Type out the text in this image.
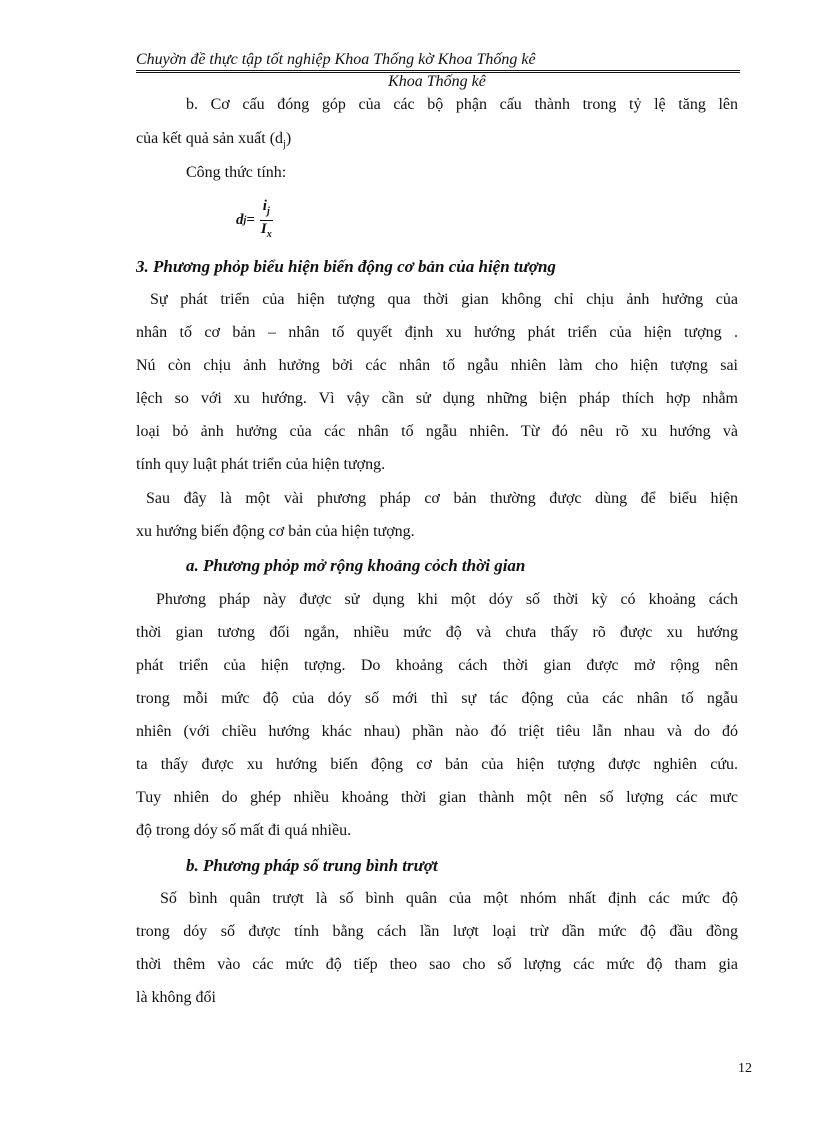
Chuyờn đề thực tập tốt nghiệp Khoa Thống kờ Khoa Thống kê
Khoa Thống kê
b. Cơ cấu đóng góp của các bộ phận cấu thành trong tỷ lệ tăng lên
của kết quả sản xuất $(d_j)$
Công thức tính:
d $j = \frac{i_j}{I_x}$
3. Phương phỏp biểu hiện biến động cơ bản của hiện tượng
Sự phát triển của hiện tượng qua thời gian không chỉ chịu ảnh hưởng của
nhân tố cơ bản – nhân tố quyết định xu hướng phát triển của hiện tượng .
Nú còn chịu ảnh hưởng bởi các nhân tố ngẫu nhiên làm cho hiện tượng sai
lệch so với xu hướng. Vì vậy cần sử dụng những biện pháp thích hợp nhằm
loại bỏ ảnh hưởng của các nhân tố ngẫu nhiên. Từ đó nêu rõ xu hướng và
tính quy luật phát triển của hiện tượng.
Sau đây là một vài phương pháp cơ bản thường được dùng để biểu hiện
xu hướng biến động cơ bản của hiện tượng.
a. Phương phỏp mở rộng khoảng cỏch thời gian
Phương pháp này được sử dụng khi một dóy số thời kỳ có khoảng cách
thời gian tương đối ngắn, nhiều mức độ và chưa thấy rõ được xu hướng
phát triển của hiện tượng. Do khoảng cách thời gian được mở rộng nên
trong mỗi mức độ của dóy số mới thì sự tác động của các nhân tố ngẫu
nhiên (với chiều hướng khác nhau) phần nào đó triệt tiêu lẫn nhau và do đó
ta thấy được xu hướng biến động cơ bản của hiện tượng được nghiên cứu.
Tuy nhiên do ghép nhiều khoảng thời gian thành một nên số lượng các mưc
độ trong dóy số mất đi quá nhiều.
b. Phương pháp số trung bình trượt
Số bình quân trượt là số bình quân của một nhóm nhất định các mức độ
trong dóy số được tính bằng cách lần lượt loại trừ dần mức độ đầu đồng
thời thêm vào các mức độ tiếp theo sao cho số lượng các mức độ tham gia
là không đổi
12
